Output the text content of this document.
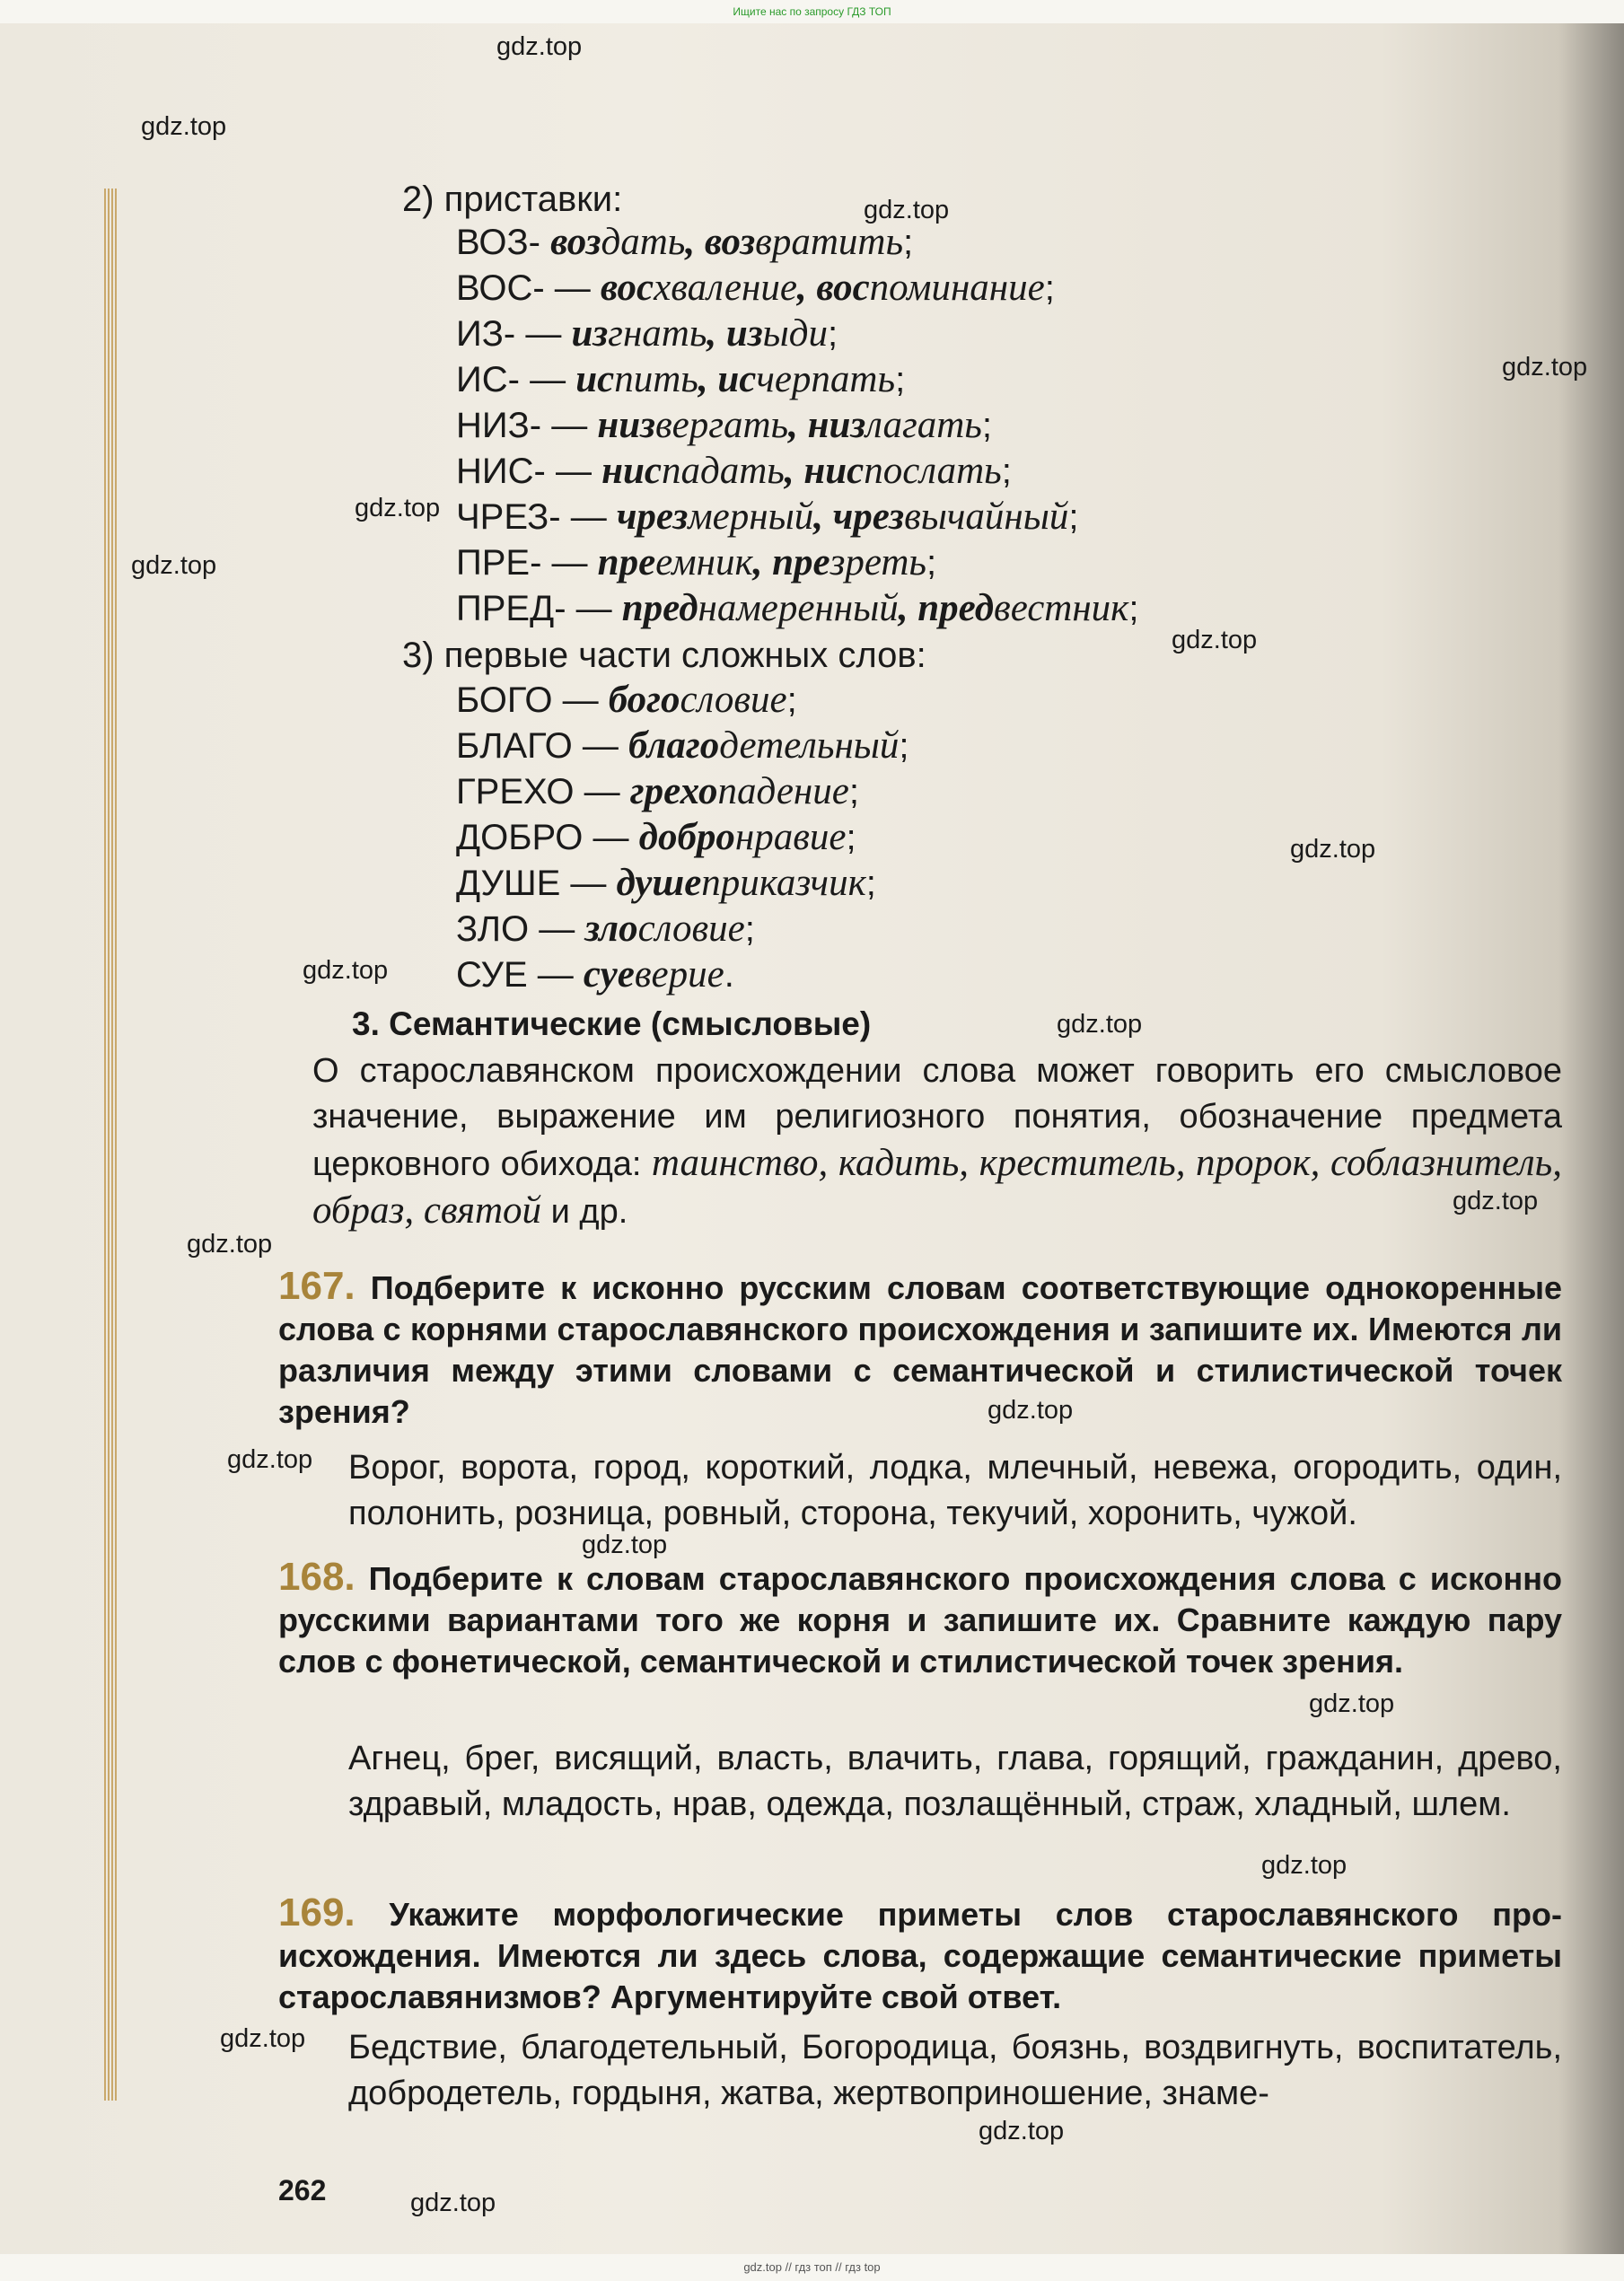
Ищите нас по запросу ГДЗ ТОП

2) приставки:
ВОЗ- воздать, возвратить;
ВОС- — восхваление, воспоминание;
ИЗ- — изгнать, изыди;
ИС- — испить, исчерпать;
НИЗ- — низвергать, низлагать;
НИС- — ниспадать, ниспослать;
ЧРЕЗ- — чрезмерный, чрезвычайный;
ПРЕ- — преемник, презреть;
ПРЕД- — преднамеренный, предвестник;
3) первые части сложных слов:
БОГО — богословие;
БЛАГО — благодетельный;
ГРЕХО — грехопадение;
ДОБРО — добронравие;
ДУШЕ — душеприказчик;
ЗЛО — злословие;
СУЕ — суеверие.
3. Семантические (смысловые)
О старославянском происхождении слова может говорить его смысловое значение, выражение им религиозного понятия, обозначение предмета церковного обихода: таинство, кадить, креститель, пророк, соблазнитель, образ, святой и др.
167. Подберите к исконно русским словам соответствующие однокоренные слова с корнями старославянского происхождения и запишите их. Имеются ли различия между этими словами с семантической и стилистической точек зрения?
Ворог, ворота, город, короткий, лодка, млечный, невежа, огородить, один, полонить, розница, ровный, сторона, текучий, хоронить, чужой.
168. Подберите к словам старославянского происхождения слова с исконно русскими вариантами того же корня и запишите их. Сравните каждую пару слов с фонетической, семантической и стилистической точек зрения.
Агнец, брег, висящий, власть, влачить, глава, горящий, гражданин, древо, здравый, младость, нрав, одежда, позлащённый, страж, хладный, шлем.
169. Укажите морфологические приметы слов старославянского происхождения. Имеются ли здесь слова, содержащие семантические приметы старославянизмов? Аргументируйте свой ответ.
Бедствие, благодетельный, Богородица, боязнь, воздвигнуть, воспитатель, добродетель, гордыня, жатва, жертвоприношение, знаме-
262
gdz.top
gdz.top
gdz.top
gdz.top
gdz.top
gdz.top
gdz.top
gdz.top
gdz.top
gdz.top
gdz.top
gdz.top
gdz.top
gdz.top
gdz.top
gdz.top
gdz.top
gdz.top
gdz.top
gdz.top
gdz.top // гдз топ // гдз top
